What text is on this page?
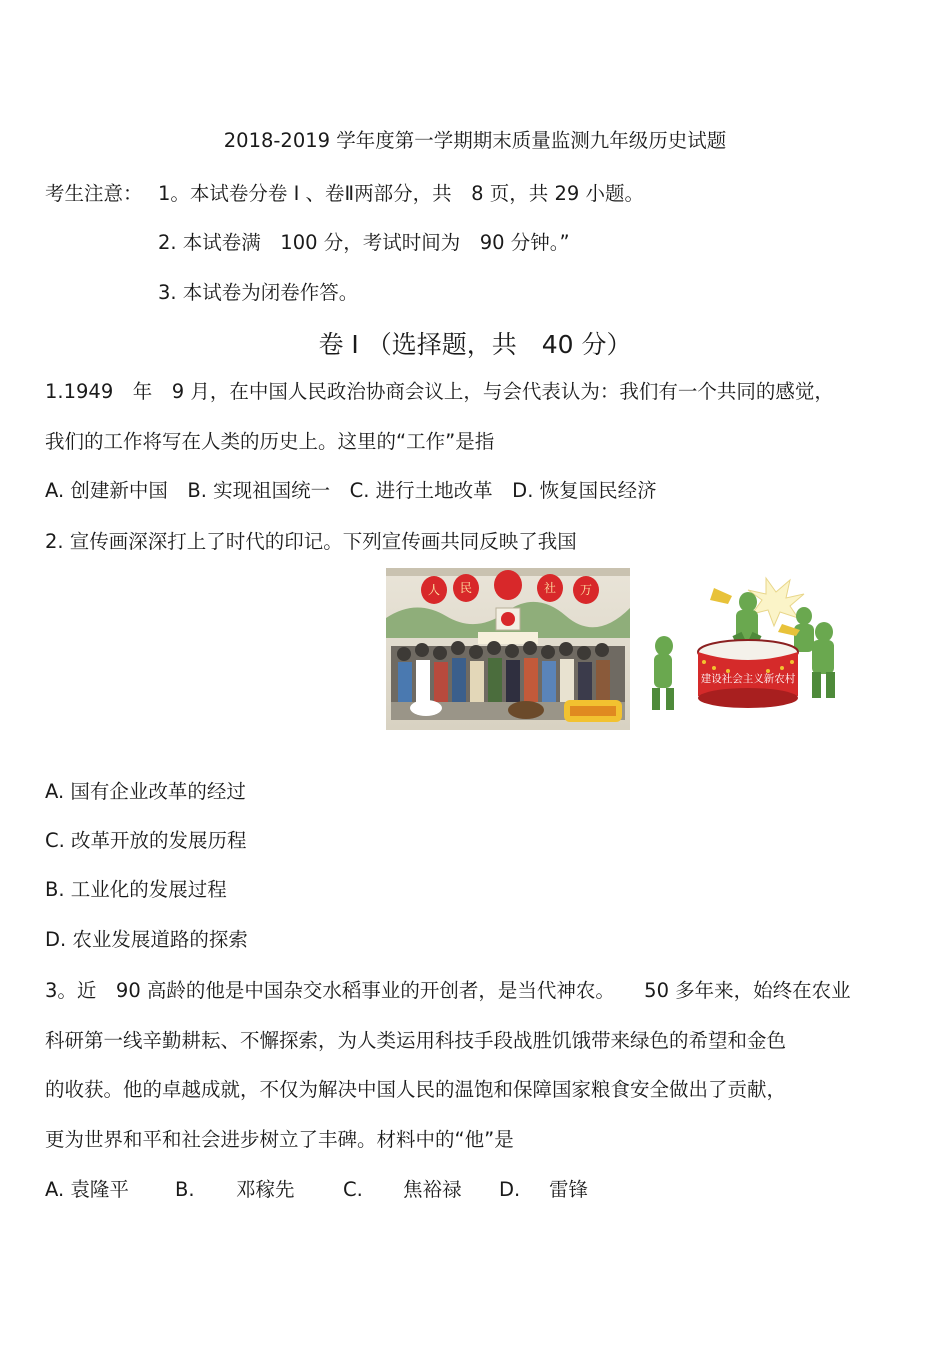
2018-2019 学年度第一学期期末质量监测九年级历史试题
考生注意： 1。本试卷分卷 Ⅰ 、卷Ⅱ两部分，共　8 页，共 29 小题。
2. 本试卷满　100 分，考试时间为　90 分钟。”
3. 本试卷为闭卷作答。
卷 Ⅰ （选择题，共　40 分）
1.1949　年　9 月，在中国人民政治协商会议上，与会代表认为：我们有一个共同的感觉，
我们的工作将写在人类的历史上。这里的“工作”是指
A. 创建新中国　B. 实现祖国统一　C. 进行土地改革　D. 恢复国民经济
2. 宣传画深深打上了时代的印记。下列宣传画共同反映了我国
人 民	社 万
建设社会主义新农村
A. 国有企业改革的经过
C. 改革开放的发展历程
B. 工业化的发展过程
D. 农业发展道路的探索
3。近　90 高龄的他是中国杂交水稻事业的开创者，是当代神农。　　50 多年来，始终在农业
科研第一线辛勤耕耘、不懈探索，为人类运用科技手段战胜饥饿带来绿色的希望和金色
的收获。他的卓越成就，不仅为解决中国人民的温饱和保障国家粮食安全做出了贡献，
更为世界和平和社会进步树立了丰碑。材料中的“他”是
A. 袁隆平 B. 邓稼先 C. 焦裕禄 D. 雷锋
